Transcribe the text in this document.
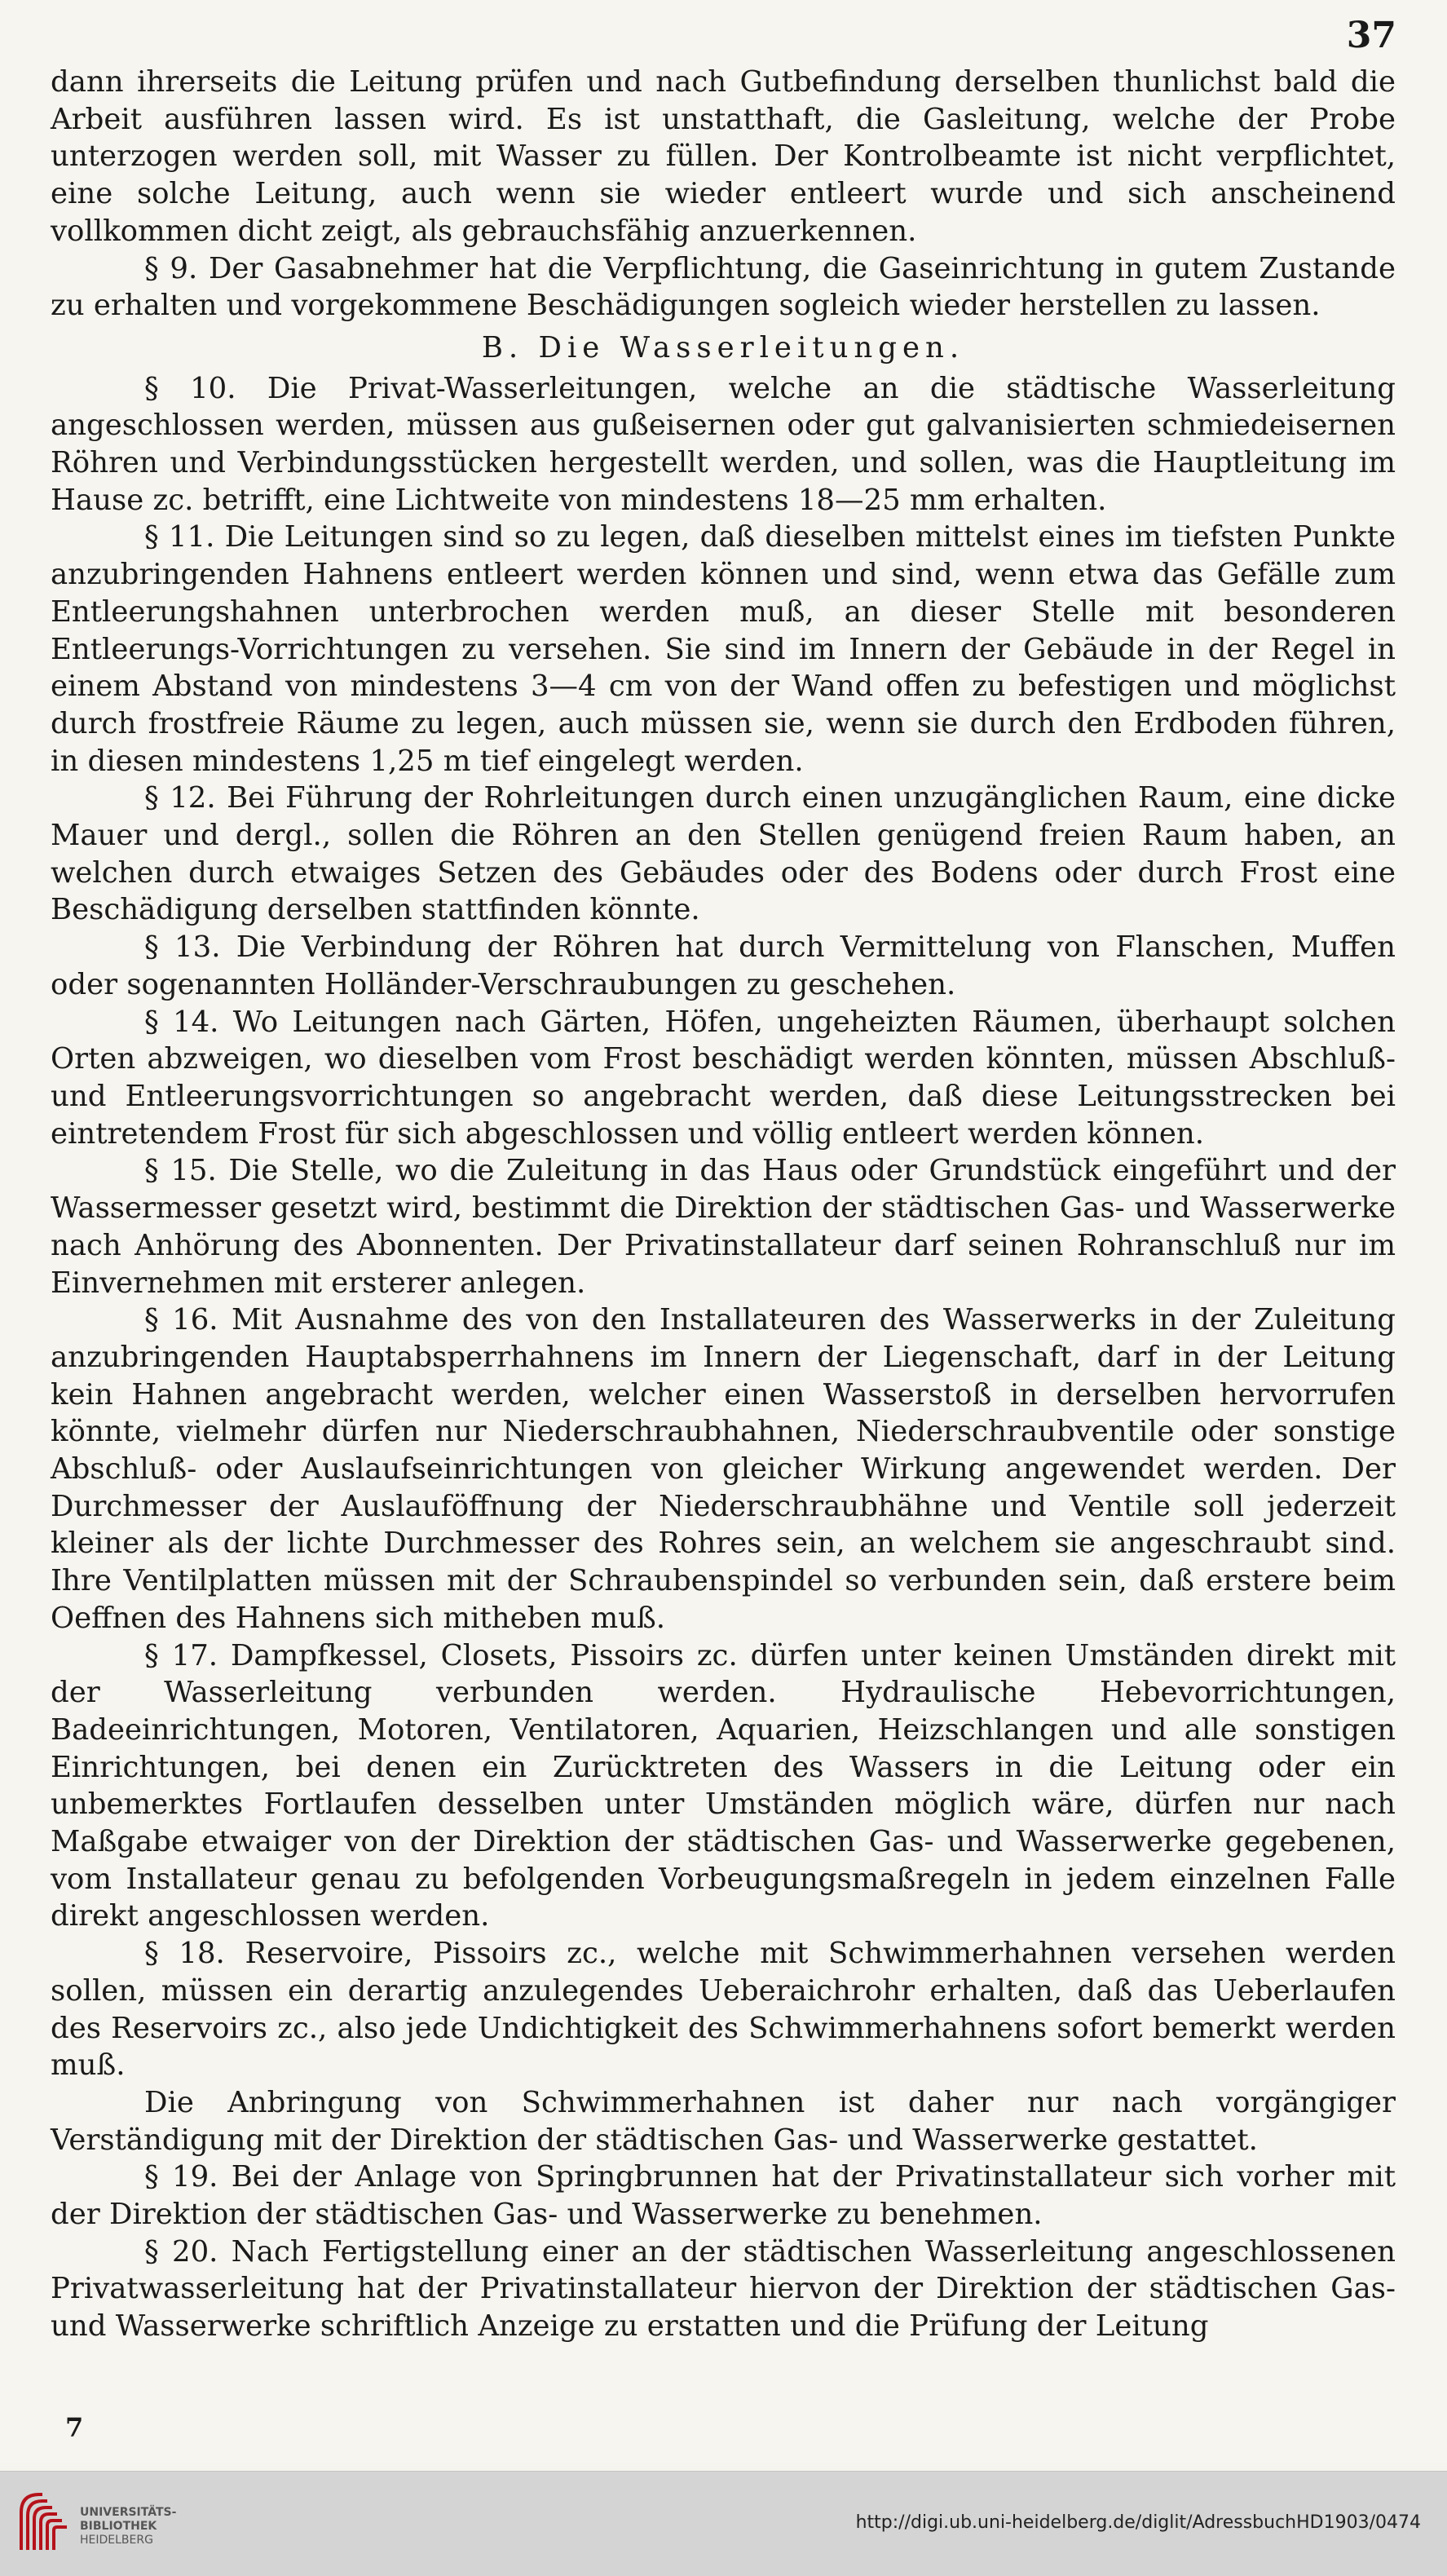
37

dann ihrerseits die Leitung prüfen und nach Gutbefindung derselben thunlichst bald die Arbeit ausführen lassen wird. Es ist unstatthaft, die Gasleitung, welche der Probe unterzogen werden soll, mit Wasser zu füllen. Der Kontrolbeamte ist nicht verpflichtet, eine solche Leitung, auch wenn sie wieder entleert wurde und sich anscheinend vollkommen dicht zeigt, als gebrauchsfähig anzuerkennen.

§ 9. Der Gasabnehmer hat die Verpflichtung, die Gaseinrichtung in gutem Zustande zu erhalten und vorgekommene Beschädigungen sogleich wieder herstellen zu lassen.

B. Die Wasserleitungen.

§ 10. Die Privat-Wasserleitungen, welche an die städtische Wasserleitung angeschlossen werden, müssen aus gußeisernen oder gut galvanisierten schmiedeisernen Röhren und Verbindungsstücken hergestellt werden, und sollen, was die Hauptleitung im Hause zc. betrifft, eine Lichtweite von mindestens 18—25 mm erhalten.

§ 11. Die Leitungen sind so zu legen, daß dieselben mittelst eines im tiefsten Punkte anzubringenden Hahnens entleert werden können und sind, wenn etwa das Gefälle zum Entleerungshahnen unterbrochen werden muß, an dieser Stelle mit besonderen Entleerungs-Vorrichtungen zu versehen. Sie sind im Innern der Gebäude in der Regel in einem Abstand von mindestens 3—4 cm von der Wand offen zu befestigen und möglichst durch frostfreie Räume zu legen, auch müssen sie, wenn sie durch den Erdboden führen, in diesen mindestens 1,25 m tief eingelegt werden.

§ 12. Bei Führung der Rohrleitungen durch einen unzugänglichen Raum, eine dicke Mauer und dergl., sollen die Röhren an den Stellen genügend freien Raum haben, an welchen durch etwaiges Setzen des Gebäudes oder des Bodens oder durch Frost eine Beschädigung derselben stattfinden könnte.

§ 13. Die Verbindung der Röhren hat durch Vermittelung von Flanschen, Muffen oder sogenannten Holländer-Verschraubungen zu geschehen.

§ 14. Wo Leitungen nach Gärten, Höfen, ungeheizten Räumen, überhaupt solchen Orten abzweigen, wo dieselben vom Frost beschädigt werden könnten, müssen Abschluß- und Entleerungsvorrichtungen so angebracht werden, daß diese Leitungsstrecken bei eintretendem Frost für sich abgeschlossen und völlig entleert werden können.

§ 15. Die Stelle, wo die Zuleitung in das Haus oder Grundstück eingeführt und der Wassermesser gesetzt wird, bestimmt die Direktion der städtischen Gas- und Wasserwerke nach Anhörung des Abonnenten. Der Privatinstallateur darf seinen Rohranschluß nur im Einvernehmen mit ersterer anlegen.

§ 16. Mit Ausnahme des von den Installateuren des Wasserwerks in der Zuleitung anzubringenden Hauptabsperrhahnens im Innern der Liegenschaft, darf in der Leitung kein Hahnen angebracht werden, welcher einen Wasserstoß in derselben hervorrufen könnte, vielmehr dürfen nur Niederschraubhahnen, Niederschraubventile oder sonstige Abschluß- oder Auslaufseinrichtungen von gleicher Wirkung angewendet werden. Der Durchmesser der Auslauföffnung der Niederschraubhähne und Ventile soll jederzeit kleiner als der lichte Durchmesser des Rohres sein, an welchem sie angeschraubt sind. Ihre Ventilplatten müssen mit der Schraubenspindel so verbunden sein, daß erstere beim Oeffnen des Hahnens sich mitheben muß.

§ 17. Dampfkessel, Closets, Pissoirs zc. dürfen unter keinen Umständen direkt mit der Wasserleitung verbunden werden. Hydraulische Hebevorrichtungen, Badeeinrichtungen, Motoren, Ventilatoren, Aquarien, Heizschlangen und alle sonstigen Einrichtungen, bei denen ein Zurücktreten des Wassers in die Leitung oder ein unbemerktes Fortlaufen desselben unter Umständen möglich wäre, dürfen nur nach Maßgabe etwaiger von der Direktion der städtischen Gas- und Wasserwerke gegebenen, vom Installateur genau zu befolgenden Vorbeugungsmaßregeln in jedem einzelnen Falle direkt angeschlossen werden.

§ 18. Reservoire, Pissoirs zc., welche mit Schwimmerhahnen versehen werden sollen, müssen ein derartig anzulegendes Ueberaichrohr erhalten, daß das Ueberlaufen des Reservoirs zc., also jede Undichtigkeit des Schwimmerhahnens sofort bemerkt werden muß.

Die Anbringung von Schwimmerhahnen ist daher nur nach vorgängiger Verständigung mit der Direktion der städtischen Gas- und Wasserwerke gestattet.

§ 19. Bei der Anlage von Springbrunnen hat der Privatinstallateur sich vorher mit der Direktion der städtischen Gas- und Wasserwerke zu benehmen.

§ 20. Nach Fertigstellung einer an der städtischen Wasserleitung angeschlossenen Privatwasserleitung hat der Privatinstallateur hiervon der Direktion der städtischen Gas- und Wasserwerke schriftlich Anzeige zu erstatten und die Prüfung der Leitung

7
UNIVERSITÄTS-
BIBLIOTHEK
HEIDELBERG
http://digi.ub.uni-heidelberg.de/diglit/AdressbuchHD1903/0474
